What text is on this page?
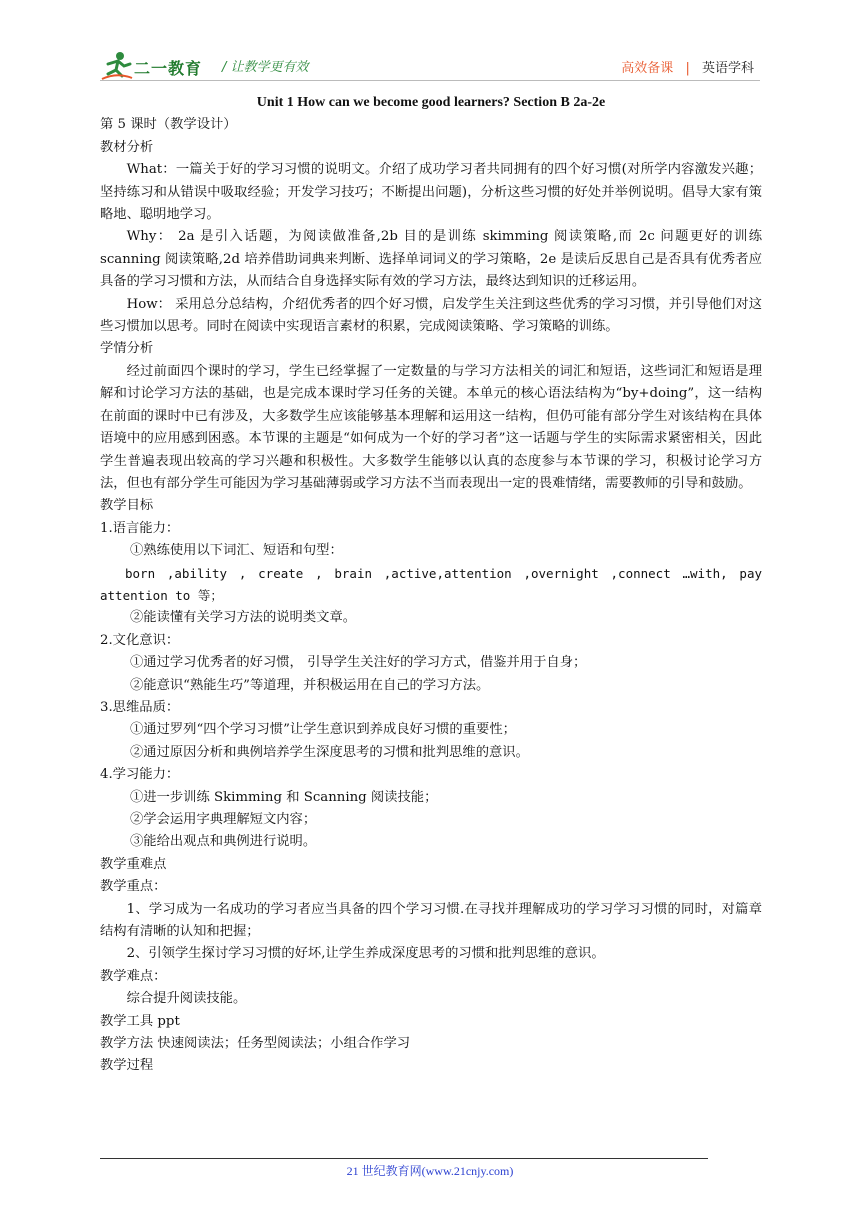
二一教育 / 让教学更有效	高效备课 | 英语学科

Unit 1 How can we become good learners? Section B 2a-2e

第 5 课时（教学设计）

教材分析

What：一篇关于好的学习习惯的说明文。介绍了成功学习者共同拥有的四个好习惯(对所学内容激发兴趣；坚持练习和从错误中吸取经验；开发学习技巧；不断提出问题)，分析这些习惯的好处并举例说明。倡导大家有策略地、聪明地学习。

Why： 2a 是引入话题，为阅读做准备,2b 目的是训练 skimming 阅读策略,而 2c 问题更好的训练 scanning 阅读策略,2d 培养借助词典来判断、选择单词词义的学习策略，2e 是读后反思自己是否具有优秀者应具备的学习习惯和方法，从而结合自身选择实际有效的学习方法，最终达到知识的迁移运用。

How： 采用总分总结构，介绍优秀者的四个好习惯，启发学生关注到这些优秀的学习习惯，并引导他们对这些习惯加以思考。同时在阅读中实现语言素材的积累，完成阅读策略、学习策略的训练。

学情分析

经过前面四个课时的学习，学生已经掌握了一定数量的与学习方法相关的词汇和短语，这些词汇和短语是理解和讨论学习方法的基础，也是完成本课时学习任务的关键。本单元的核心语法结构为“by+doing”，这一结构在前面的课时中已有涉及，大多数学生应该能够基本理解和运用这一结构，但仍可能有部分学生对该结构在具体语境中的应用感到困惑。本节课的主题是“如何成为一个好的学习者”这一话题与学生的实际需求紧密相关，因此学生普遍表现出较高的学习兴趣和积极性。大多数学生能够以认真的态度参与本节课的学习，积极讨论学习方法，但也有部分学生可能因为学习基础薄弱或学习方法不当而表现出一定的畏难情绪，需要教师的引导和鼓励。

教学目标

1.语言能力：

①熟练使用以下词汇、短语和句型：

born ,ability , create , brain ,active,attention ,overnight ,connect …with, pay attention to 等；

②能读懂有关学习方法的说明类文章。

2.文化意识：

①通过学习优秀者的好习惯， 引导学生关注好的学习方式，借鉴并用于自身；

②能意识“熟能生巧”等道理，并积极运用在自己的学习方法。

3.思维品质：

①通过罗列“四个学习习惯”让学生意识到养成良好习惯的重要性；

②通过原因分析和典例培养学生深度思考的习惯和批判思维的意识。

4.学习能力：

①进一步训练 Skimming 和 Scanning 阅读技能；

②学会运用字典理解短文内容；

③能给出观点和典例进行说明。

教学重难点

教学重点：

1、学习成为一名成功的学习者应当具备的四个学习习惯.在寻找并理解成功的学习学习习惯的同时，对篇章结构有清晰的认知和把握；

2、引领学生探讨学习习惯的好坏,让学生养成深度思考的习惯和批判思维的意识。

教学难点：

综合提升阅读技能。

教学工具 ppt

教学方法 快速阅读法；任务型阅读法；小组合作学习

教学过程

21 世纪教育网(www.21cnjy.com)
